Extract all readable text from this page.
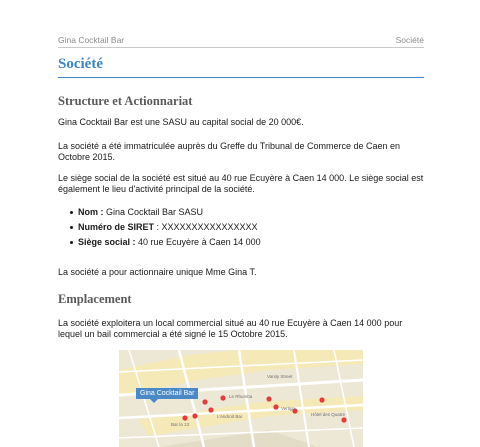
Gina Cocktail Bar	Société
Société
Structure et Actionnariat
Gina Cocktail Bar est une SASU au capital social de 20 000€.
La société a été immatriculée auprès du Greffe du Tribunal de Commerce de Caen en Octobre 2015.
Le siège social de la société est situé au 40 rue Ecuyère à Caen 14 000. Le siège social est également le lieu d'activité principal de la société.
Nom : Gina Cocktail Bar SASU
Numéro de SIRET : XXXXXXXXXXXXXXXX
Siège social : 40 rue Ecuyère à Caen 14 000
La société a pour actionnaire unique Mme Gina T.
Emplacement
La société exploitera un local commercial situé au 40 rue Ecuyère à Caen 14 000 pour lequel un bail commercial a été signé le 15 Octobre 2015.
Gina Cocktail Bar	Le Rhumba
L'endroit Bar
Vertigo
Bar la 13
Hôtel des Quatre
Vanity Street
